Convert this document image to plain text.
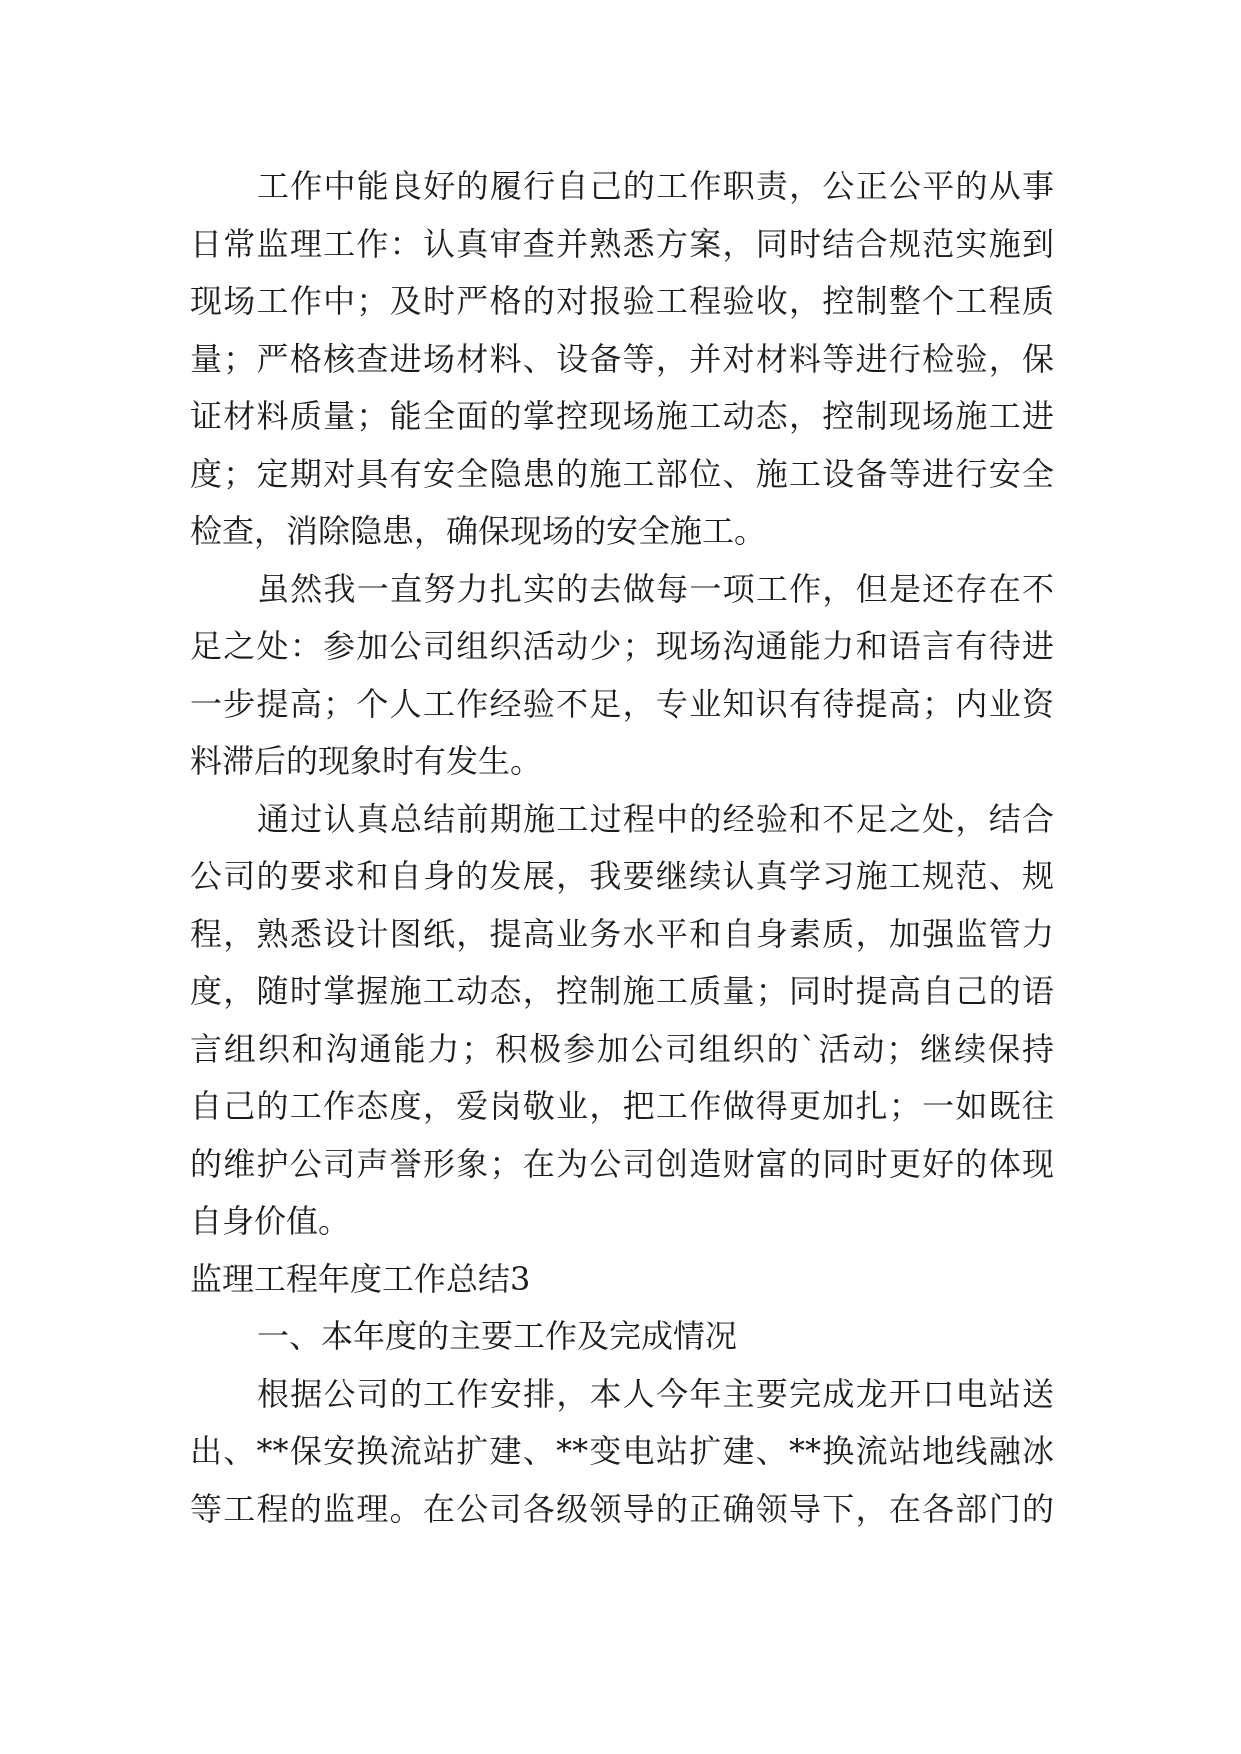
工作中能良好的履行自己的工作职责，公正公平的从事
日常监理工作：认真审查并熟悉方案，同时结合规范实施到
现场工作中；及时严格的对报验工程验收，控制整个工程质
量；严格核查进场材料、设备等，并对材料等进行检验，保
证材料质量；能全面的掌控现场施工动态，控制现场施工进
度；定期对具有安全隐患的施工部位、施工设备等进行安全
检查，消除隐患，确保现场的安全施工。
虽然我一直努力扎实的去做每一项工作，但是还存在不
足之处：参加公司组织活动少；现场沟通能力和语言有待进
一步提高；个人工作经验不足，专业知识有待提高；内业资
料滞后的现象时有发生。
通过认真总结前期施工过程中的经验和不足之处，结合
公司的要求和自身的发展，我要继续认真学习施工规范、规
程，熟悉设计图纸，提高业务水平和自身素质，加强监管力
度，随时掌握施工动态，控制施工质量；同时提高自己的语
言组织和沟通能力；积极参加公司组织的`活动；继续保持
自己的工作态度，爱岗敬业，把工作做得更加扎；一如既往
的维护公司声誉形象；在为公司创造财富的同时更好的体现
自身价值。
监理工程年度工作总结3
一、本年度的主要工作及完成情况
根据公司的工作安排，本人今年主要完成龙开口电站送
出、**保安换流站扩建、**变电站扩建、**换流站地线融冰
等工程的监理。在公司各级领导的正确领导下，在各部门的
